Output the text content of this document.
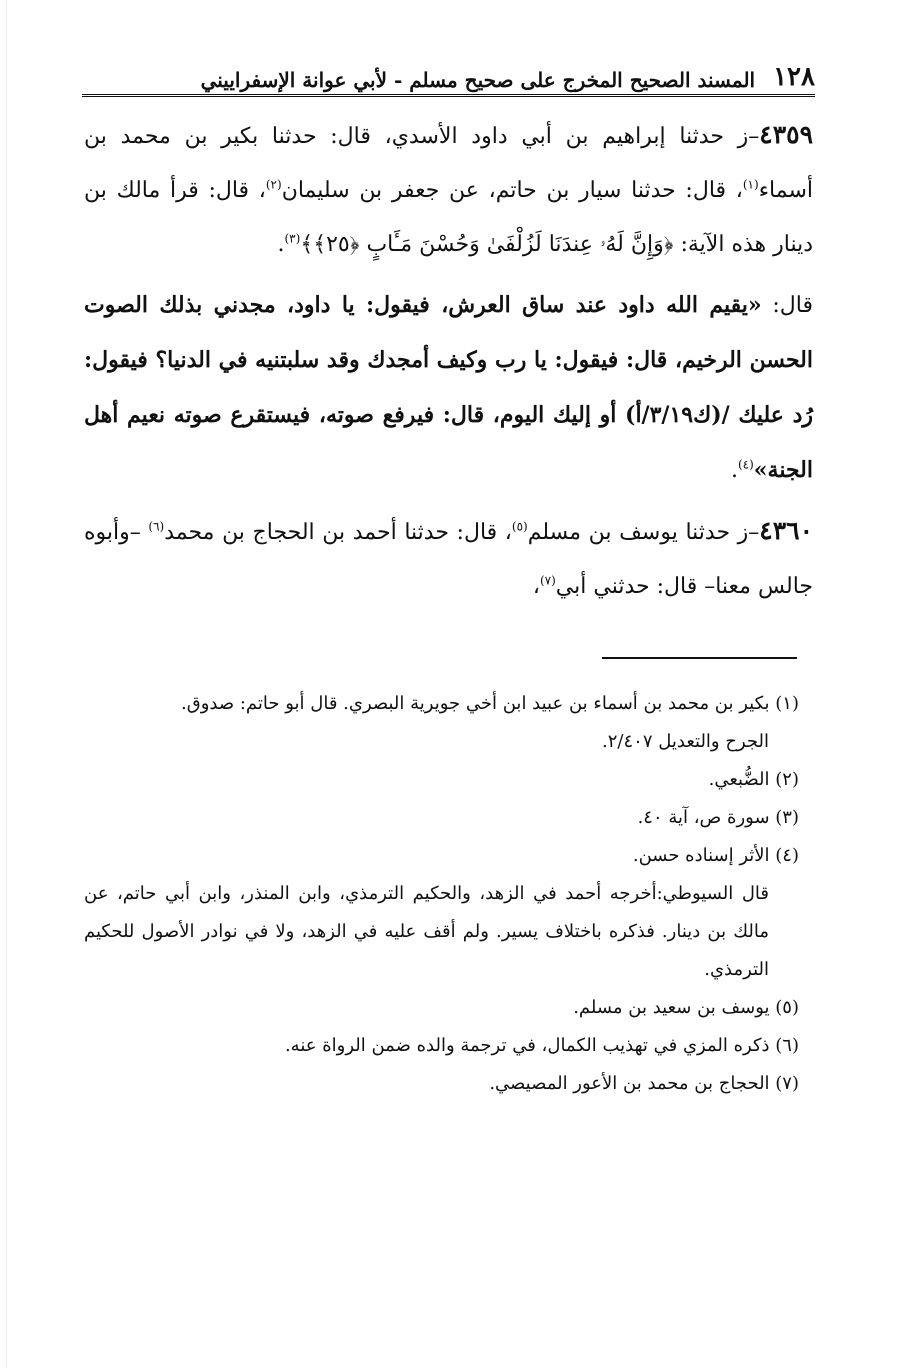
١٢٨
المسند الصحيح المخرج على صحيح مسلم - لأبي عوانة الإسفراييني

٤٣٥٩–ز حدثنا إبراهيم بن أبي داود الأسدي، قال: حدثنا بكير بن محمد بن أسماء$^{(١)}$، قال: حدثنا سيار بن حاتم، عن جعفر بن سليمان$^{(٢)}$، قال: قرأ مالك بن دينار هذه الآية: ﴿وَإِنَّ لَهُۥ عِندَنَا لَزُلْفَىٰ وَحُسْنَ مَـَٔابٍ ﴿٢٥﴾﴾$^{(٣)}$.

قال: «يقيم الله داود عند ساق العرش، فيقول: يا داود، مجدني بذلك الصوت الحسن الرخيم، قال: فيقول: يا رب وكيف أمجدك وقد سلبتنيه في الدنيا؟ فيقول: رُد عليك /(ك٣/١٩/أ) أو إليك اليوم، قال: فيرفع صوته، فيستقرع صوته نعيم أهل الجنة»$^{(٤)}$.

٤٣٦٠–ز حدثنا يوسف بن مسلم$^{(٥)}$، قال: حدثنا أحمد بن الحجاج بن محمد$^{(٦)}$ –وأبوه جالس معنا– قال: حدثني أبي$^{(٧)}$،

(١) بكير بن محمد بن أسماء بن عبيد ابن أخي جويرية البصري. قال أبو حاتم: صدوق.

الجرح والتعديل ٢/٤٠٧.

(٢) الضُّبعي.

(٣) سورة ص، آية ٤٠.

(٤) الأثر إسناده حسن.

قال السيوطي:أخرجه أحمد في الزهد، والحكيم الترمذي، وابن المنذر، وابن أبي حاتم، عن مالك بن دينار. فذكره باختلاف يسير. ولم أقف عليه في الزهد، ولا في نوادر الأصول للحكيم الترمذي.

(٥) يوسف بن سعيد بن مسلم.

(٦) ذكره المزي في تهذيب الكمال، في ترجمة والده ضمن الرواة عنه.

(٧) الحجاج بن محمد بن الأعور المصيصي.
